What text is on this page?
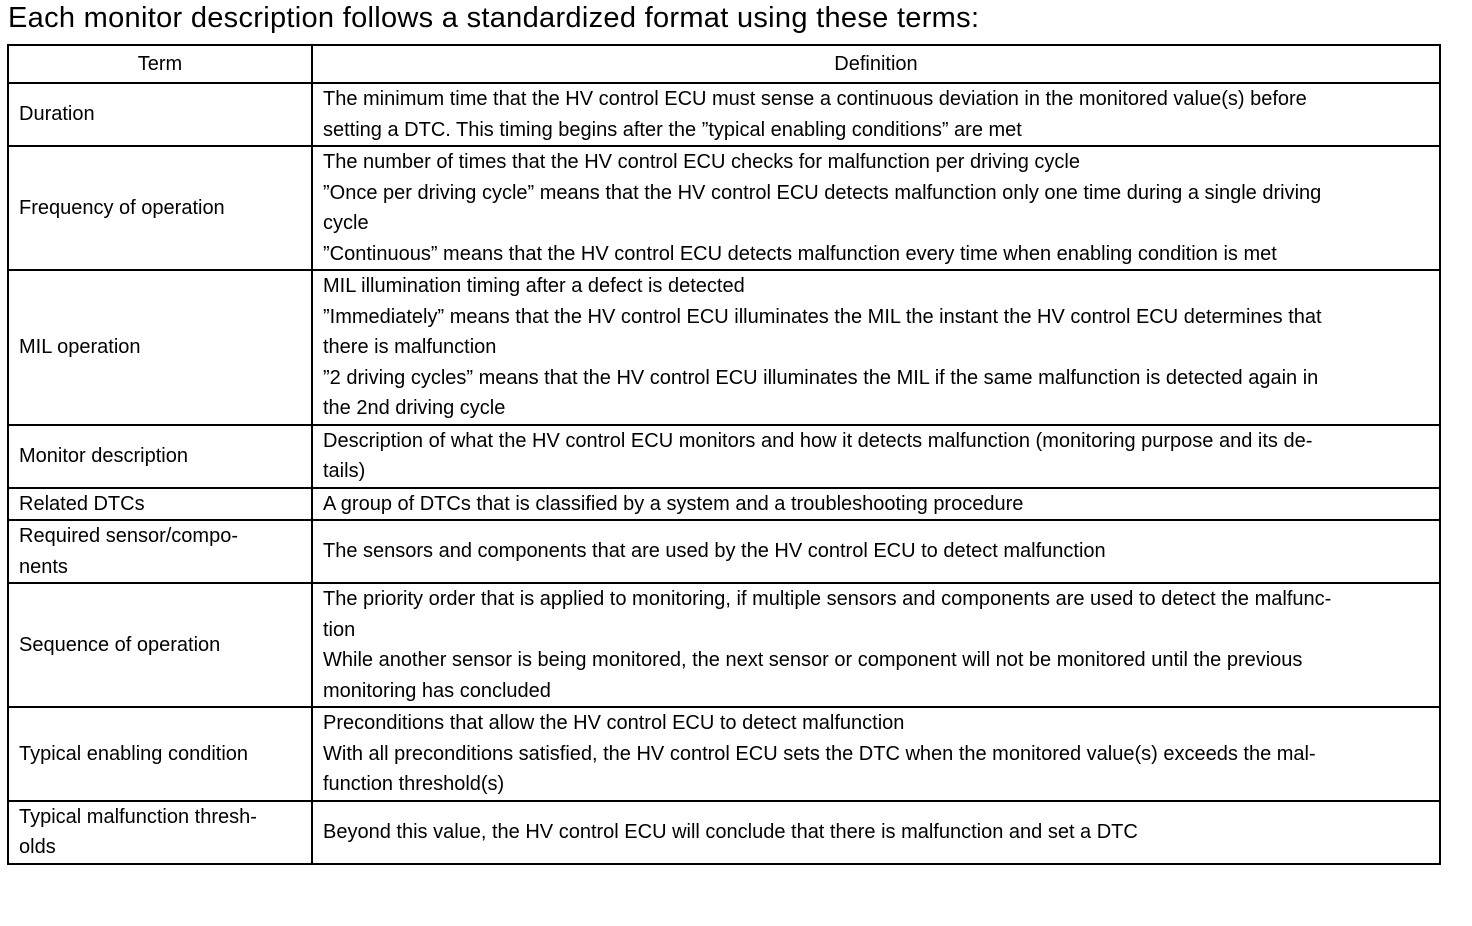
Each monitor description follows a standardized format using these terms:
Term	Definition

Duration	The minimum time that the HV control ECU must sense a continuous deviation in the monitored value(s) before
setting a DTC. This timing begins after the ”typical enabling conditions” are met

Frequency of operation	The number of times that the HV control ECU checks for malfunction per driving cycle
”Once per driving cycle” means that the HV control ECU detects malfunction only one time during a single driving
cycle
”Continuous” means that the HV control ECU detects malfunction every time when enabling condition is met

MIL operation	MIL illumination timing after a defect is detected
”Immediately” means that the HV control ECU illuminates the MIL the instant the HV control ECU determines that
there is malfunction
”2 driving cycles” means that the HV control ECU illuminates the MIL if the same malfunction is detected again in
the 2nd driving cycle

Monitor description	Description of what the HV control ECU monitors and how it detects malfunction (monitoring purpose and its de-
tails)

Related DTCs	A group of DTCs that is classified by a system and a troubleshooting procedure

Required sensor/compo-
nents	The sensors and components that are used by the HV control ECU to detect malfunction

Sequence of operation	The priority order that is applied to monitoring, if multiple sensors and components are used to detect the malfunc-
tion
While another sensor is being monitored, the next sensor or component will not be monitored until the previous
monitoring has concluded

Typical enabling condition	Preconditions that allow the HV control ECU to detect malfunction
With all preconditions satisfied, the HV control ECU sets the DTC when the monitored value(s) exceeds the mal-
function threshold(s)

Typical malfunction thresh-
olds	Beyond this value, the HV control ECU will conclude that there is malfunction and set a DTC
